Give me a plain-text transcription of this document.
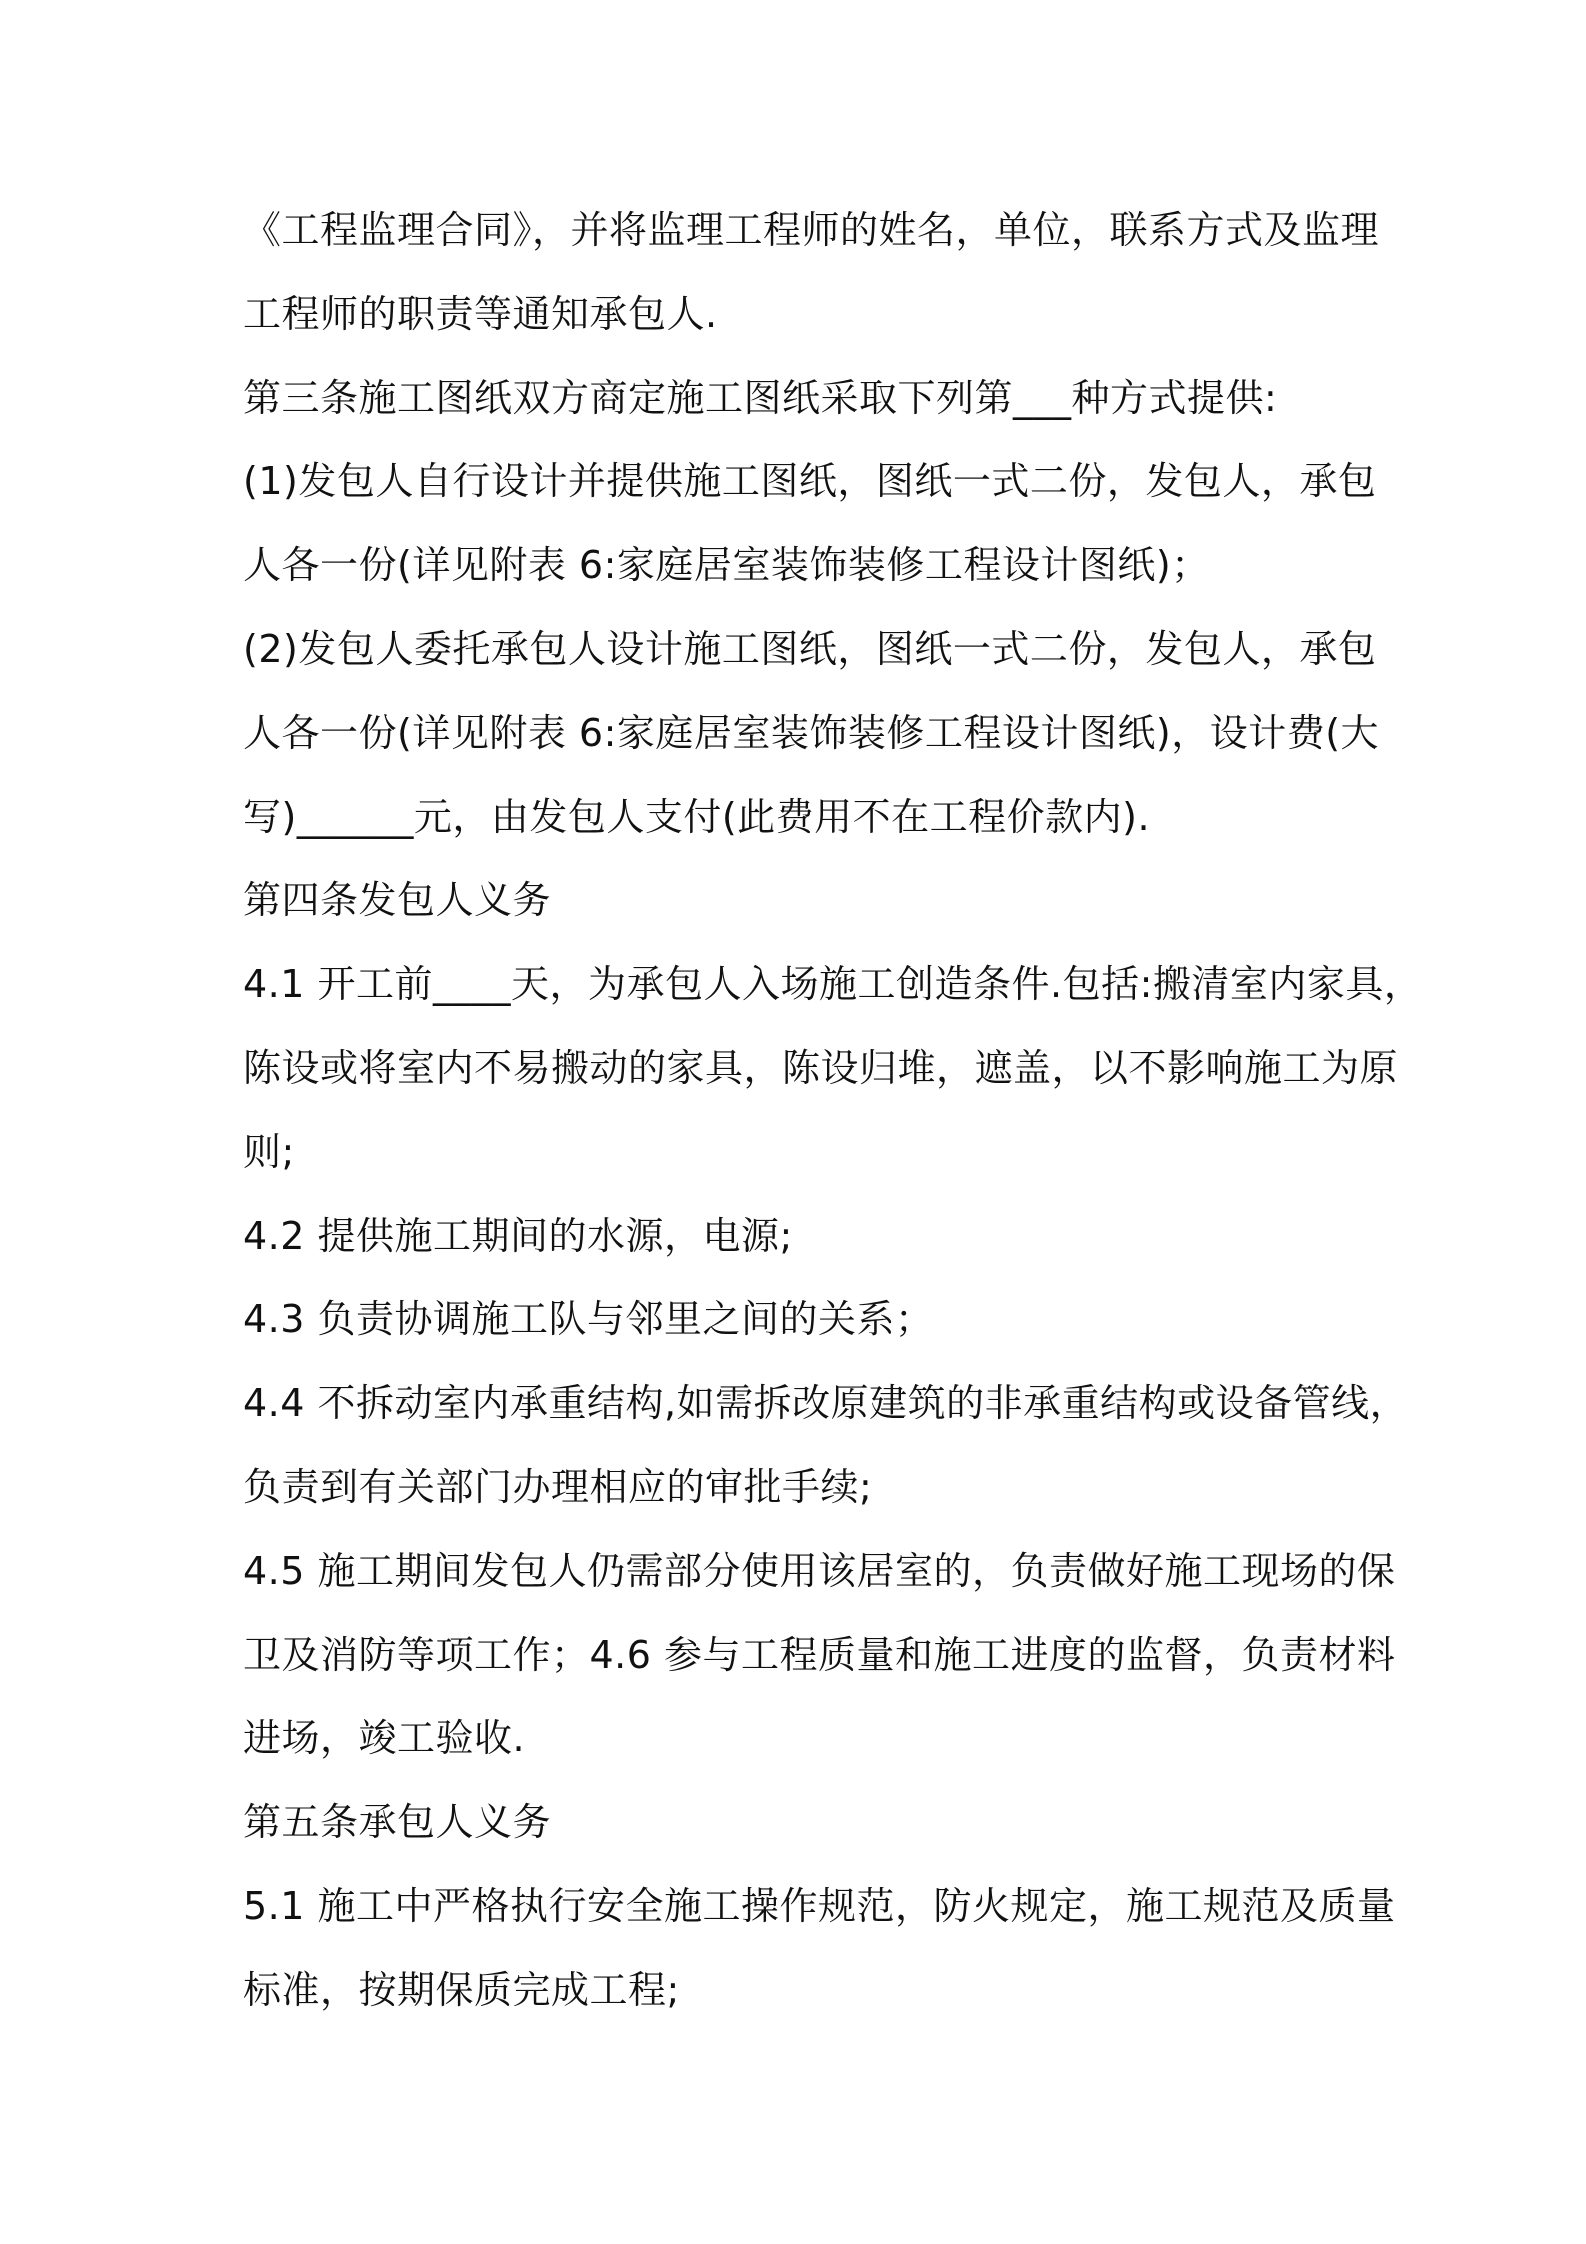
《工程监理合同》，并将监理工程师的姓名，单位，联系方式及监理

工程师的职责等通知承包人.

第三条施工图纸双方商定施工图纸采取下列第___种方式提供:

(1)发包人自行设计并提供施工图纸，图纸一式二份，发包人，承包

人各一份(详见附表 6:家庭居室装饰装修工程设计图纸)；

(2)发包人委托承包人设计施工图纸，图纸一式二份，发包人，承包

人各一份(详见附表 6:家庭居室装饰装修工程设计图纸)，设计费(大

写)______元，由发包人支付(此费用不在工程价款内).

第四条发包人义务

4.1 开工前____天，为承包人入场施工创造条件.包括:搬清室内家具，

陈设或将室内不易搬动的家具，陈设归堆，遮盖，以不影响施工为原

则;

4.2 提供施工期间的水源，电源;

4.3 负责协调施工队与邻里之间的关系；

4.4 不拆动室内承重结构,如需拆改原建筑的非承重结构或设备管线，

负责到有关部门办理相应的审批手续;

4.5 施工期间发包人仍需部分使用该居室的，负责做好施工现场的保

卫及消防等项工作；4.6 参与工程质量和施工进度的监督，负责材料

进场，竣工验收.

第五条承包人义务

5.1 施工中严格执行安全施工操作规范，防火规定，施工规范及质量

标准，按期保质完成工程;
